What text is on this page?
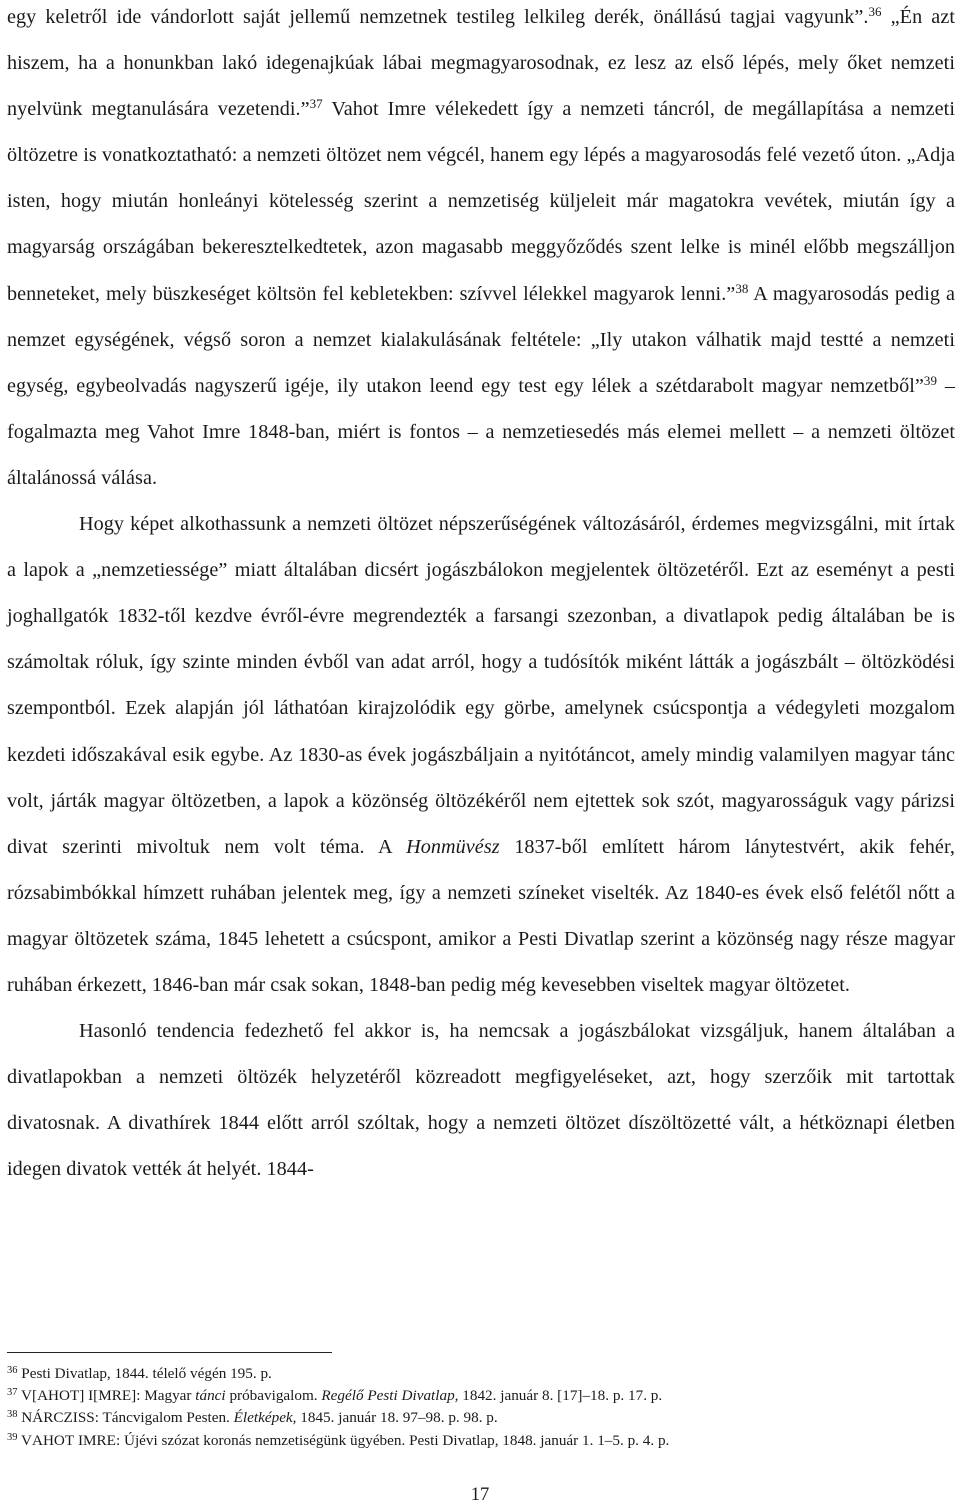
egy keletről ide vándorlott saját jellemű nemzetnek testileg lelkileg derék, önállású tagjai vagyunk”.$^{36}$ „Én azt hiszem, ha a honunkban lakó idegenajkúak lábai megmagyarosodnak, ez lesz az első lépés, mely őket nemzeti nyelvünk megtanulására vezetendi.”$^{37}$ Vahot Imre vélekedett így a nemzeti táncról, de megállapítása a nemzeti öltözetre is vonatkoztatható: a nemzeti öltözet nem végcél, hanem egy lépés a magyarosodás felé vezető úton. „Adja isten, hogy miután honleányi kötelesség szerint a nemzetiség küljeleit már magatokra vevétek, miután így a magyarság országában bekeresztelkedtetek, azon magasabb meggyőződés szent lelke is minél előbb megszálljon benneteket, mely büszkeséget költsön fel kebletekben: szívvel lélekkel magyarok lenni.”$^{38}$ A magyarosodás pedig a nemzet egységének, végső soron a nemzet kialakulásának feltétele: „Ily utakon válhatik majd testté a nemzeti egység, egybeolvadás nagyszerű igéje, ily utakon leend egy test egy lélek a szétdarabolt magyar nemzetből”$^{39}$ – fogalmazta meg Vahot Imre 1848-ban, miért is fontos – a nemzetiesedés más elemei mellett – a nemzeti öltözet általánossá válása.

Hogy képet alkothassunk a nemzeti öltözet népszerűségének változásáról, érdemes megvizsgálni, mit írtak a lapok a „nemzetiessége” miatt általában dicsért jogászbálokon megjelentek öltözetéről. Ezt az eseményt a pesti joghallgatók 1832-től kezdve évről-évre megrendezték a farsangi szezonban, a divatlapok pedig általában be is számoltak róluk, így szinte minden évből van adat arról, hogy a tudósítók miként látták a jogászbált – öltözködési szempontból. Ezek alapján jól láthatóan kirajzolódik egy görbe, amelynek csúcspontja a védegyleti mozgalom kezdeti időszakával esik egybe. Az 1830-as évek jogászbáljain a nyitótáncot, amely mindig valamilyen magyar tánc volt, járták magyar öltözetben, a lapok a közönség öltözékéről nem ejtettek sok szót, magyarosságuk vagy párizsi divat szerinti mivoltuk nem volt téma. A Honmüvész 1837-ből említett három lánytestvért, akik fehér, rózsabimbókkal hímzett ruhában jelentek meg, így a nemzeti színeket viselték. Az 1840-es évek első felétől nőtt a magyar öltözetek száma, 1845 lehetett a csúcspont, amikor a Pesti Divatlap szerint a közönség nagy része magyar ruhában érkezett, 1846-ban már csak sokan, 1848-ban pedig még kevesebben viseltek magyar öltözetet.

Hasonló tendencia fedezhető fel akkor is, ha nemcsak a jogászbálokat vizsgáljuk, hanem általában a divatlapokban a nemzeti öltözék helyzetéről közreadott megfigyeléseket, azt, hogy szerzőik mit tartottak divatosnak. A divathírek 1844 előtt arról szóltak, hogy a nemzeti öltözet díszöltözetté vált, a hétköznapi életben idegen divatok vették át helyét. 1844-

$^{36}$ Pesti Divatlap, 1844. télelő végén 195. p.

$^{37}$ V[AHOT] I[MRE]: Magyar tánci próbavigalom. Regélő Pesti Divatlap, 1842. január 8. [17]–18. p. 17. p.

$^{38}$ NÁRCZISS: Táncvigalom Pesten. Életképek, 1845. január 18. 97–98. p. 98. p.

$^{39}$ VAHOT IMRE: Újévi szózat koronás nemzetiségünk ügyében. Pesti Divatlap, 1848. január 1. 1–5. p. 4. p.

17
